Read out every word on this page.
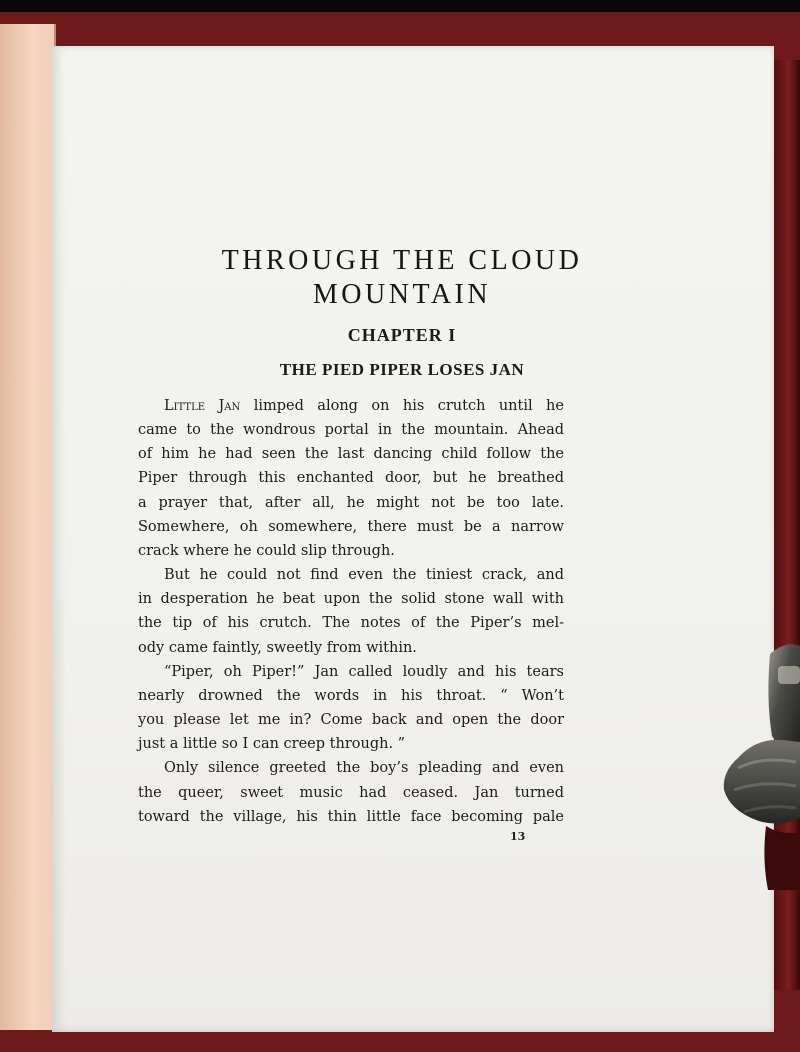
THROUGH THE CLOUD
MOUNTAIN
CHAPTER I
THE PIED PIPER LOSES JAN
Little Jan limped along on his crutch until he
came to the wondrous portal in the mountain. Ahead
of him he had seen the last dancing child follow the
Piper through this enchanted door, but he breathed
a prayer that, after all, he might not be too late.
Somewhere, oh somewhere, there must be a narrow
crack where he could slip through.
But he could not find even the tiniest crack, and
in desperation he beat upon the solid stone wall with
the tip of his crutch. The notes of the Piper’s mel-
ody came faintly, sweetly from within.
“Piper, oh Piper!” Jan called loudly and his tears
nearly drowned the words in his throat. “ Won’t
you please let me in? Come back and open the door
just a little so I can creep through. ”
Only silence greeted the boy’s pleading and even
the queer, sweet music had ceased. Jan turned
toward the village, his thin little face becoming pale
13
